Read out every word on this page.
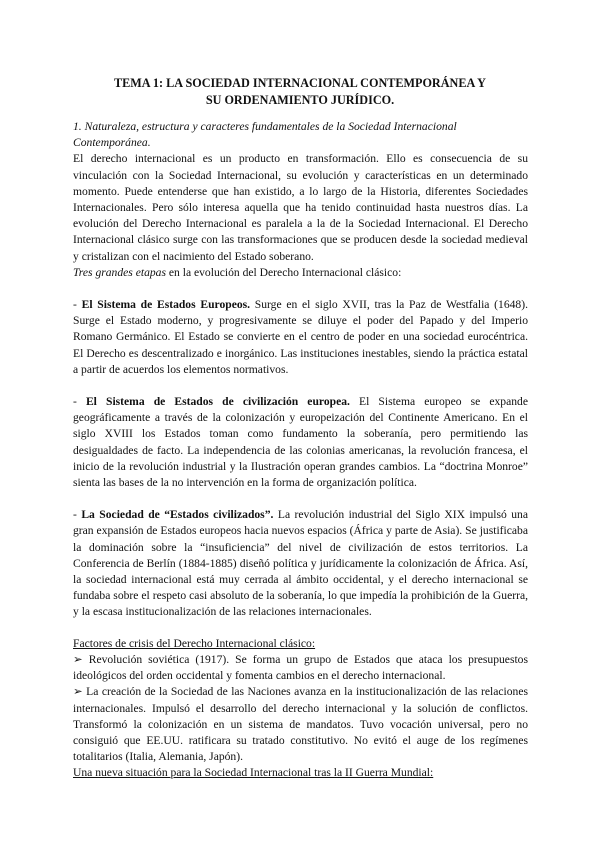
TEMA 1: LA SOCIEDAD INTERNACIONAL CONTEMPORÁNEA Y
SU ORDENAMIENTO JURÍDICO.

1. Naturaleza, estructura y caracteres fundamentales de la Sociedad Internacional Contemporánea.

El derecho internacional es un producto en transformación. Ello es consecuencia de su vinculación con la Sociedad Internacional, su evolución y características en un determinado momento. Puede entenderse que han existido, a lo largo de la Historia, diferentes Sociedades Internacionales. Pero sólo interesa aquella que ha tenido continuidad hasta nuestros días. La evolución del Derecho Internacional es paralela a la de la Sociedad Internacional. El Derecho Internacional clásico surge con las transformaciones que se producen desde la sociedad medieval y cristalizan con el nacimiento del Estado soberano.

Tres grandes etapas en la evolución del Derecho Internacional clásico:

- El Sistema de Estados Europeos. Surge en el siglo XVII, tras la Paz de Westfalia (1648). Surge el Estado moderno, y progresivamente se diluye el poder del Papado y del Imperio Romano Germánico. El Estado se convierte en el centro de poder en una sociedad eurocéntrica. El Derecho es descentralizado e inorgánico. Las instituciones inestables, siendo la práctica estatal a partir de acuerdos los elementos normativos.

- El Sistema de Estados de civilización europea. El Sistema europeo se expande geográficamente a través de la colonización y europeización del Continente Americano. En el siglo XVIII los Estados toman como fundamento la soberanía, pero permitiendo las desigualdades de facto. La independencia de las colonias americanas, la revolución francesa, el inicio de la revolución industrial y la Ilustración operan grandes cambios. La “doctrina Monroe” sienta las bases de la no intervención en la forma de organización política.

- La Sociedad de “Estados civilizados”. La revolución industrial del Siglo XIX impulsó una gran expansión de Estados europeos hacia nuevos espacios (África y parte de Asia). Se justificaba la dominación sobre la “insuficiencia” del nivel de civilización de estos territorios. La Conferencia de Berlín (1884-1885) diseñó política y jurídicamente la colonización de África. Así, la sociedad internacional está muy cerrada al ámbito occidental, y el derecho internacional se fundaba sobre el respeto casi absoluto de la soberanía, lo que impedía la prohibición de la Guerra, y la escasa institucionalización de las relaciones internacionales.

Factores de crisis del Derecho Internacional clásico:

➢ Revolución soviética (1917). Se forma un grupo de Estados que ataca los presupuestos ideológicos del orden occidental y fomenta cambios en el derecho internacional.

➢ La creación de la Sociedad de las Naciones avanza en la institucionalización de las relaciones internacionales. Impulsó el desarrollo del derecho internacional y la solución de conflictos. Transformó la colonización en un sistema de mandatos. Tuvo vocación universal, pero no consiguió que EE.UU. ratificara su tratado constitutivo. No evitó el auge de los regímenes totalitarios (Italia, Alemania, Japón).

Una nueva situación para la Sociedad Internacional tras la II Guerra Mundial:
